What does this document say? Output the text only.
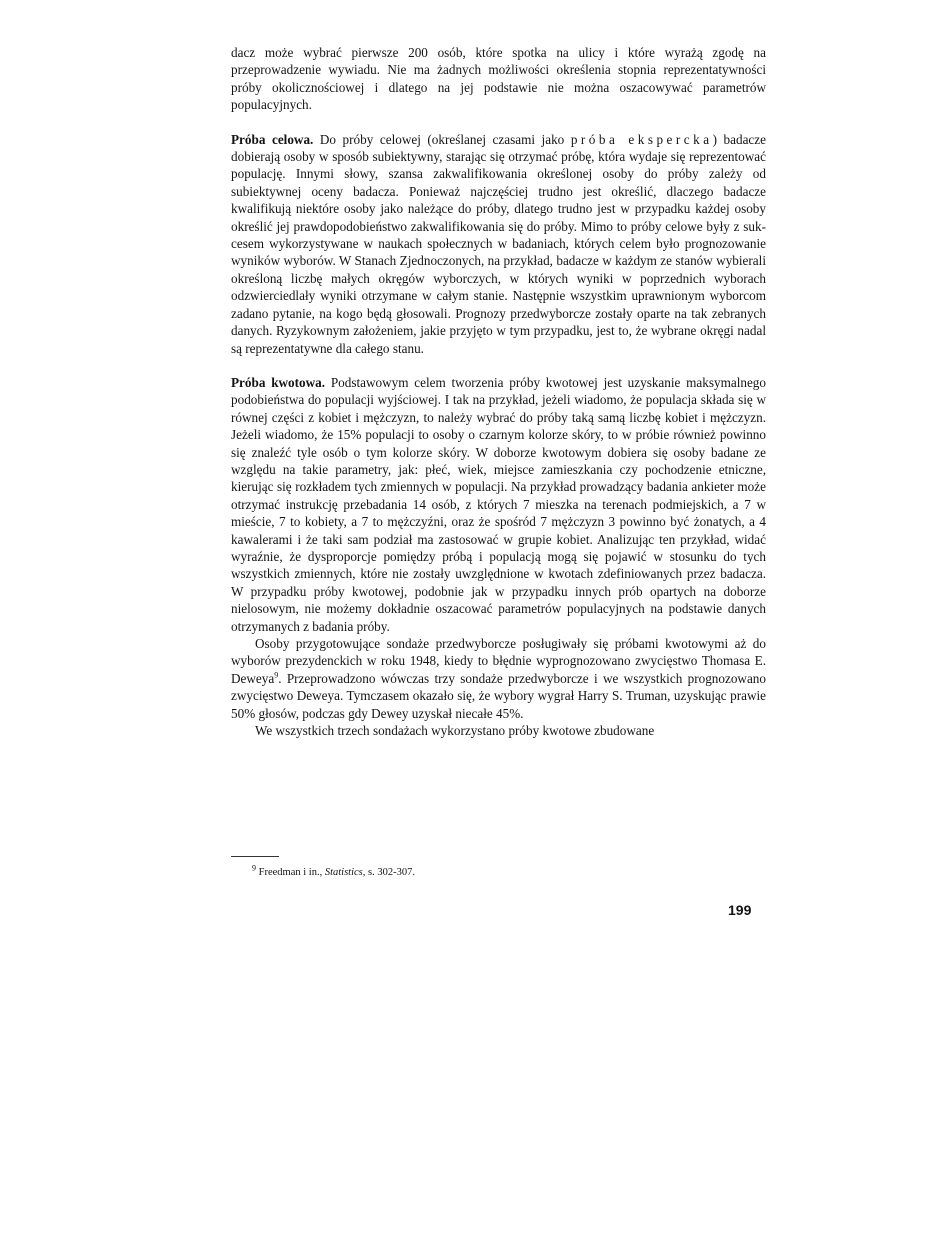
dacz może wybrać pierwsze 200 osób, które spotka na ulicy i które wyrażą zgodę na przeprowadzenie wywiadu. Nie ma żadnych możliwości określenia stopnia reprezentatywności próby okolicznościowej i dlatego na jej podstawie nie można oszacowywać parametrów populacyjnych.

Próba celowa. Do próby celowej (określanej czasami jako próba ekspercka) badacze dobierają osoby w sposób subiektywny, starając się otrzymać próbę, która wydaje się reprezentować populację. Innymi słowy, szansa zakwalifikowania określonej osoby do próby zależy od subiektywnej oceny badacza. Ponieważ najczęściej trudno jest określić, dlaczego badacze kwalifikują niektóre osoby jako należące do próby, dlatego trudno jest w przypadku każdej osoby określić jej prawdopodobieństwo zakwalifikowania się do próby. Mimo to próby celowe były z sukcesem wykorzystywane w naukach społecznych w badaniach, których celem było prognozowanie wyników wyborów. W Stanach Zjednoczonych, na przykład, badacze w każdym ze stanów wybierali określoną liczbę małych okręgów wyborczych, w których wyniki w poprzednich wyborach odzwierciedlały wyniki otrzymane w całym stanie. Następnie wszystkim uprawnionym wyborcom zadano pytanie, na kogo będą głosowali. Prognozy przedwyborcze zostały oparte na tak zebranych danych. Ryzykownym założeniem, jakie przyjęto w tym przypadku, jest to, że wybrane okręgi nadal są reprezentatywne dla całego stanu.

Próba kwotowa. Podstawowym celem tworzenia próby kwotowej jest uzyskanie maksymalnego podobieństwa do populacji wyjściowej. I tak na przykład, jeżeli wiadomo, że populacja składa się w równej części z kobiet i mężczyzn, to należy wybrać do próby taką samą liczbę kobiet i mężczyzn. Jeżeli wiadomo, że 15% populacji to osoby o czarnym kolorze skóry, to w próbie również powinno się znaleźć tyle osób o tym kolorze skóry. W doborze kwotowym dobiera się osoby badane ze względu na takie parametry, jak: płeć, wiek, miejsce zamieszkania czy pochodzenie etniczne, kierując się rozkładem tych zmiennych w populacji. Na przykład prowadzący badania ankieter może otrzymać instrukcję przebadania 14 osób, z których 7 mieszka na terenach podmiejskich, a 7 w mieście, 7 to kobiety, a 7 to mężczyźni, oraz że spośród 7 mężczyzn 3 powinno być żonatych, a 4 kawalerami i że taki sam podział ma zastosować w grupie kobiet. Analizując ten przykład, widać wyraźnie, że dysproporcje pomiędzy próbą i populacją mogą się pojawić w stosunku do tych wszystkich zmiennych, które nie zostały uwzględnione w kwotach zdefiniowanych przez badacza. W przypadku próby kwotowej, podobnie jak w przypadku innych prób opartych na doborze nielosowym, nie możemy dokładnie oszacować parametrów populacyjnych na podstawie danych otrzymanych z badania próby.

Osoby przygotowujące sondaże przedwyborcze posługiwały się próbami kwotowymi aż do wyborów prezydenckich w roku 1948, kiedy to błędnie wyprognozowano zwycięstwo Thomasa E. Deweya$^9$. Przeprowadzono wówczas trzy sondaże przedwyborcze i we wszystkich prognozowano zwycięstwo Deweya. Tymczasem okazało się, że wybory wygrał Harry S. Truman, uzyskując prawie 50% głosów, podczas gdy Dewey uzyskał niecałe 45%.

We wszystkich trzech sondażach wykorzystano próby kwotowe zbudowane

$^9$ Freedman i in., Statistics, s. 302-307.

199
